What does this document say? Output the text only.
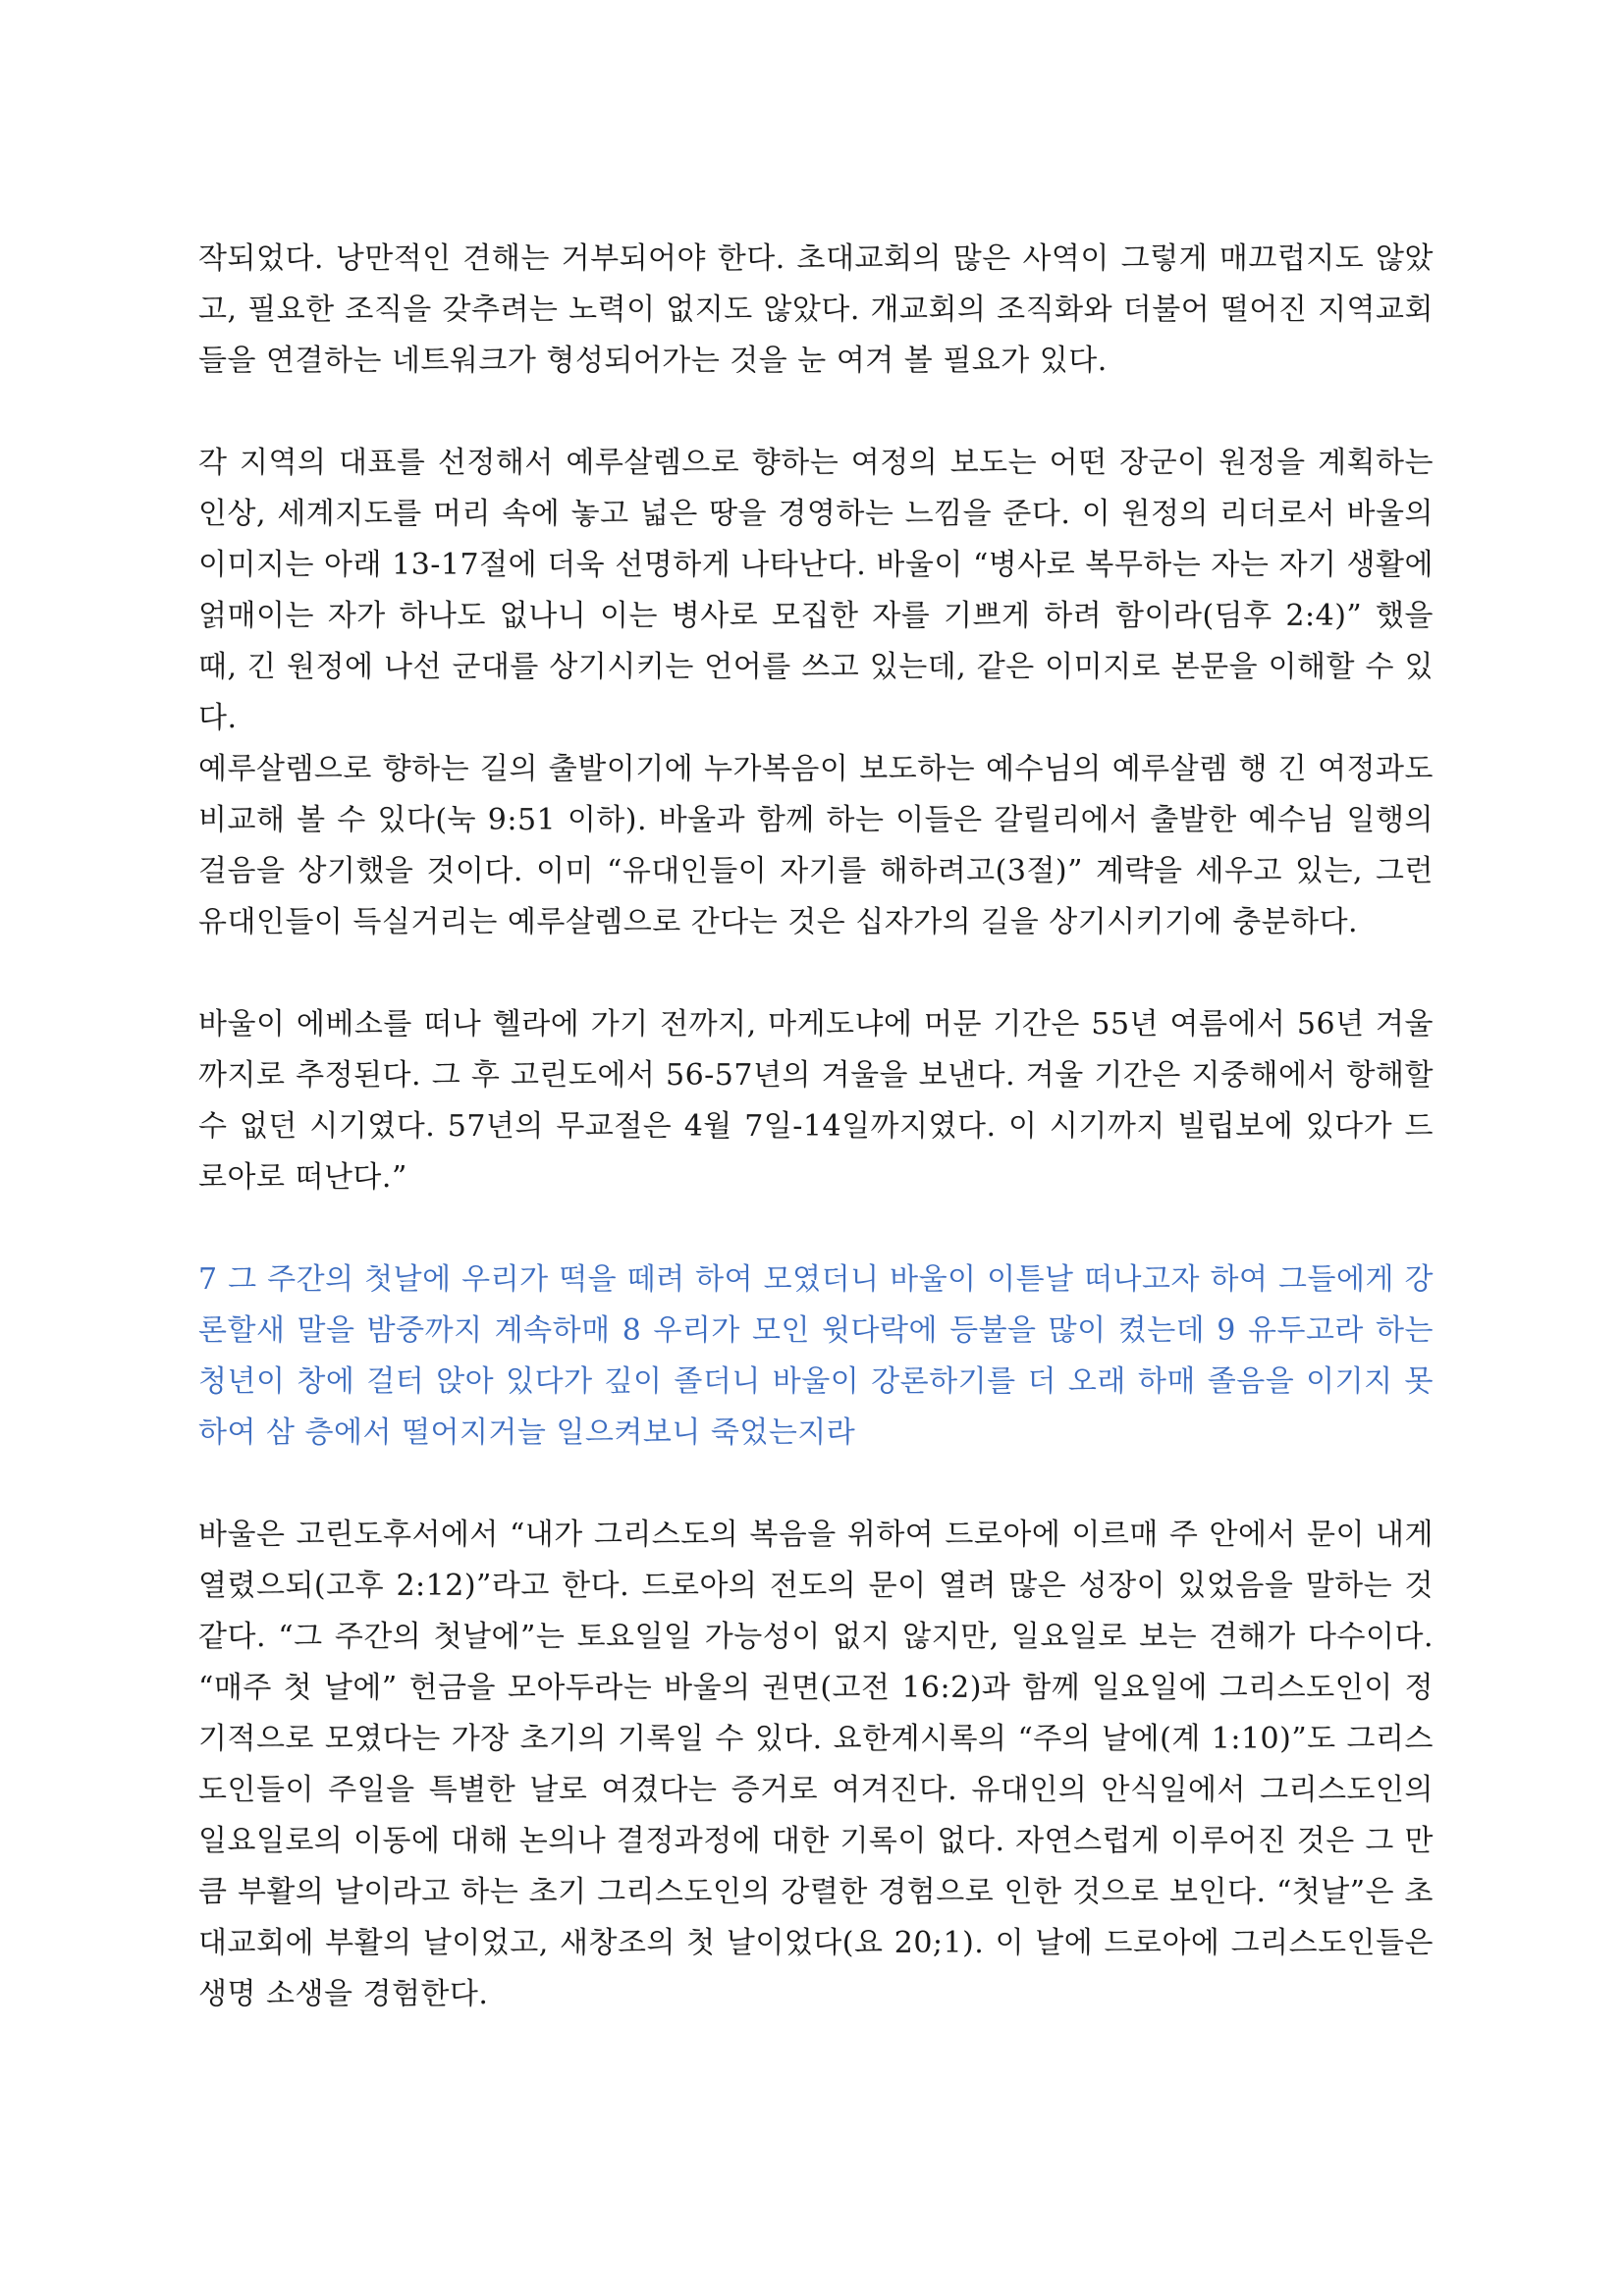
작되었다. 낭만적인 견해는 거부되어야 한다. 초대교회의 많은 사역이 그렇게 매끄럽지도 않았고, 필요한 조직을 갖추려는 노력이 없지도 않았다. 개교회의 조직화와 더불어 떨어진 지역교회들을 연결하는 네트워크가 형성되어가는 것을 눈 여겨 볼 필요가 있다.

각 지역의 대표를 선정해서 예루살렘으로 향하는 여정의 보도는 어떤 장군이 원정을 계획하는 인상, 세계지도를 머리 속에 놓고 넓은 땅을 경영하는 느낌을 준다. 이 원정의 리더로서 바울의 이미지는 아래 13-17절에 더욱 선명하게 나타난다. 바울이 “병사로 복무하는 자는 자기 생활에 얽매이는 자가 하나도 없나니 이는 병사로 모집한 자를 기쁘게 하려 함이라(딤후 2:4)” 했을 때, 긴 원정에 나선 군대를 상기시키는 언어를 쓰고 있는데, 같은 이미지로 본문을 이해할 수 있다.

예루살렘으로 향하는 길의 출발이기에 누가복음이 보도하는 예수님의 예루살렘 행 긴 여정과도 비교해 볼 수 있다(눅 9:51 이하). 바울과 함께 하는 이들은 갈릴리에서 출발한 예수님 일행의 걸음을 상기했을 것이다. 이미 “유대인들이 자기를 해하려고(3절)” 계략을 세우고 있는, 그런 유대인들이 득실거리는 예루살렘으로 간다는 것은 십자가의 길을 상기시키기에 충분하다.

바울이 에베소를 떠나 헬라에 가기 전까지, 마게도냐에 머문 기간은 55년 여름에서 56년 겨울까지로 추정된다. 그 후 고린도에서 56-57년의 겨울을 보낸다. 겨울 기간은 지중해에서 항해할 수 없던 시기였다. 57년의 무교절은 4월 7일-14일까지였다. 이 시기까지 빌립보에 있다가 드로아로 떠난다.”

7 그 주간의 첫날에 우리가 떡을 떼려 하여 모였더니 바울이 이튿날 떠나고자 하여 그들에게 강론할새 말을 밤중까지 계속하매 8 우리가 모인 윗다락에 등불을 많이 켰는데 9 유두고라 하는 청년이 창에 걸터 앉아 있다가 깊이 졸더니 바울이 강론하기를 더 오래 하매 졸음을 이기지 못하여 삼 층에서 떨어지거늘 일으켜보니 죽었는지라

바울은 고린도후서에서 “내가 그리스도의 복음을 위하여 드로아에 이르매 주 안에서 문이 내게 열렸으되(고후 2:12)”라고 한다. 드로아의 전도의 문이 열려 많은 성장이 있었음을 말하는 것 같다. “그 주간의 첫날에”는 토요일일 가능성이 없지 않지만, 일요일로 보는 견해가 다수이다. “매주 첫 날에” 헌금을 모아두라는 바울의 권면(고전 16:2)과 함께 일요일에 그리스도인이 정기적으로 모였다는 가장 초기의 기록일 수 있다. 요한계시록의 “주의 날에(계 1:10)”도 그리스도인들이 주일을 특별한 날로 여겼다는 증거로 여겨진다. 유대인의 안식일에서 그리스도인의 일요일로의 이동에 대해 논의나 결정과정에 대한 기록이 없다. 자연스럽게 이루어진 것은 그 만큼 부활의 날이라고 하는 초기 그리스도인의 강렬한 경험으로 인한 것으로 보인다. “첫날”은 초대교회에 부활의 날이었고, 새창조의 첫 날이었다(요 20;1). 이 날에 드로아에 그리스도인들은 생명 소생을 경험한다.
